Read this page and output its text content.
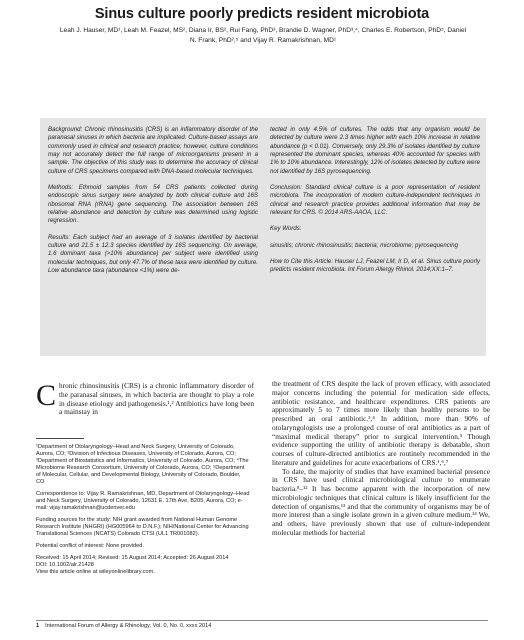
Sinus culture poorly predicts resident microbiota
Leah J. Hauser, MD¹, Leah M. Feazel, MS², Diana Ir, BS², Rui Fang, PhD³, Brandie D. Wagner, PhD³,⁴, Charles E. Robertson, PhD⁵, Daniel N. Frank, PhD²,⁵ and Vijay R. Ramakrishnan, MD¹

Background: Chronic rhinosinusitis (CRS) is an inflammatory disorder of the paranasal sinuses in which bacteria are implicated. Culture-based assays are commonly used in clinical and research practice; however, culture conditions may not accurately detect the full range of microorganisms present in a sample. The objective of this study was to determine the accuracy of clinical culture of CRS specimens compared with DNA-based molecular techniques.

Methods: Ethmoid samples from 54 CRS patients collected during endoscopic sinus surgery were analyzed by both clinical culture and 16S ribosomal RNA (rRNA) gene sequencing. The association between 16S relative abundance and detection by culture was determined using logistic regression.

Results: Each subject had an average of 3 isolates identified by bacterial culture and 21.5 ± 12.3 species identified by 16S sequencing. On average, 1.6 dominant taxa (>10% abundance) per subject were identified using molecular techniques, but only 47.7% of these taxa were identified by culture. Low abundance taxa (abundance <1%) were de-

tected in only 4.5% of cultures. The odds that any organism would be detected by culture were 2.3 times higher with each 10% increase in relative abundance (p < 0.01). Conversely, only 29.3% of isolates identified by culture represented the dominant species, whereas 40% accounted for species with 1% to 10% abundance. Interestingly, 12% of isolates detected by culture were not identified by 16S pyrosequencing.

Conclusion: Standard clinical culture is a poor representation of resident microbiota. The incorporation of modern culture-independent techniques in clinical and research practice provides additional information that may be relevant for CRS. © 2014 ARS-AAOA, LLC.

Key Words:

sinusitis; chronic rhinosinusitis; bacteria; microbiome; pyrosequencing

How to Cite this Article: Hauser LJ, Feazel LM, Ir D, et al. Sinus culture poorly predicts resident microbiota. Int Forum Allergy Rhinol. 2014;XX:1–7.

Chronic rhinosinusitis (CRS) is a chronic inflammatory disorder of the paranasal sinuses, in which bacteria are thought to play a role in disease etiology and pathogenesis.¹,² Antibiotics have long been a mainstay in

¹Department of Otolaryngology–Head and Neck Surgery, University of Colorado, Aurora, CO; ²Division of Infectious Diseases, University of Colorado, Aurora, CO; ³Department of Biostatistics and Informatics, University of Colorado, Aurora, CO; ⁴The Microbiome Research Consortium, University of Colorado, Aurora, CO; ⁵Department of Molecular, Cellular, and Developmental Biology, University of Colorado, Boulder, CO

Correspondence to: Vijay R. Ramakrishnan, MD, Department of Otolaryngology–Head and Neck Surgery, University of Colorado, 12631 E. 17th Ave, B205, Aurora, CO; e-mail: vijay.ramakrishnan@ucdenver.edu

Funding sources for the study: NIH grant awarded from National Human Genome Research Institute (NHGRI) (HG005964 to D.N.F.); NIH/National Center for Advancing Translational Sciences (NCATS) Colorado CTSI (UL1 TR001082).

Potential conflict of interest: None provided.

Received: 15 April 2014; Revised: 15 August 2014; Accepted: 26 August 2014

DOI: 10.1002/alr.21428

View this article online at wileyonlinelibrary.com.

the treatment of CRS despite the lack of proven efficacy, with associated major concerns including the potential for medication side effects, antibiotic resistance, and healthcare expenditures. CRS patients are approximately 5 to 7 times more likely than healthy persons to be prescribed an oral antibiotic.³,⁴ In addition, more than 90% of otolaryngologists use a prolonged course of oral antibiotics as a part of “maximal medical therapy” prior to surgical intervention.⁵ Though evidence supporting the utility of antibiotic therapy is debatable, short courses of culture-directed antibiotics are routinely recommended in the literature and guidelines for acute exacerbations of CRS.¹,⁶,⁷

To date, the majority of studies that have examined bacterial presence in CRS have used clinical microbiological culture to enumerate bacteria.⁸–¹² It has become apparent with the incorporation of new microbiologic techniques that clinical culture is likely insufficient for the detection of organisms,¹³ and that the community of organisms may be of more interest than a single isolate grown in a given culture medium.¹⁴ We, and others, have previously shown that use of culture-independent molecular methods for bacterial

1 International Forum of Allergy & Rhinology, Vol. 0, No. 0, xxxx 2014
